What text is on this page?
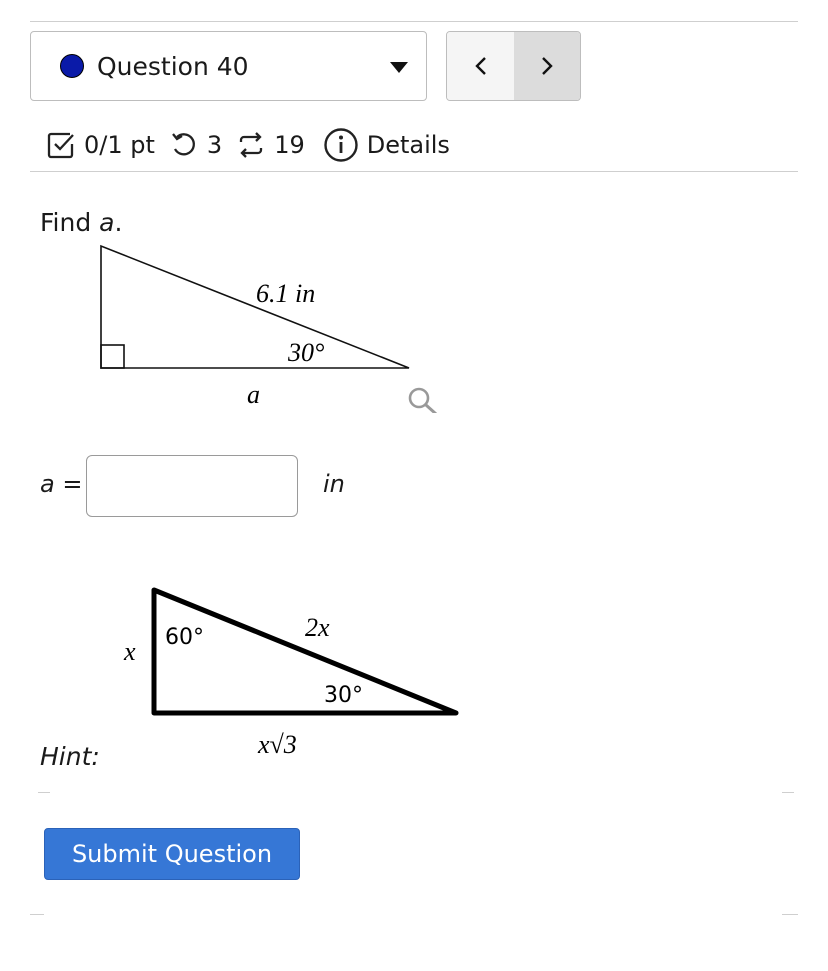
Question 40
0/1 pt 3 19	Details
Find a.
6.1 in
30°
a
a =	in
60°
x
2x
30°
x√3
Hint:
Submit Question
